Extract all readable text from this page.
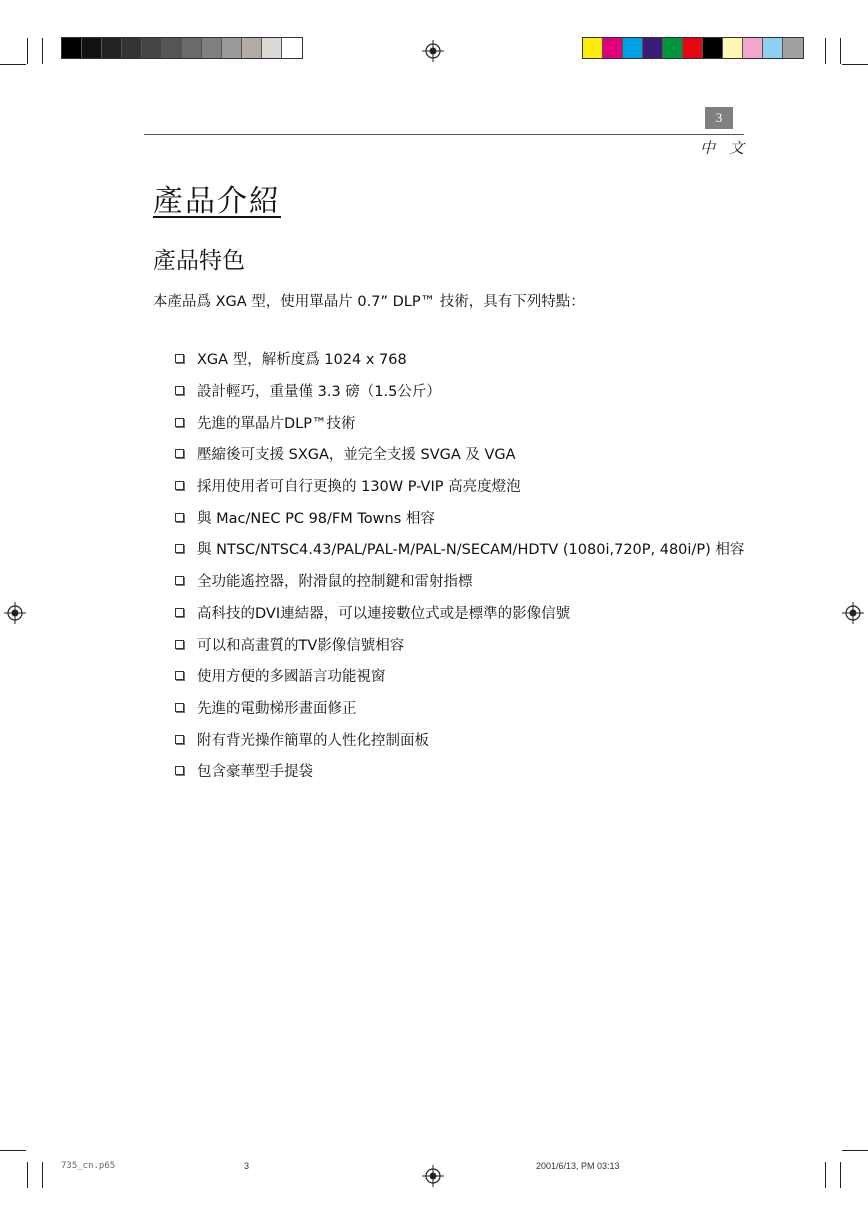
3
中文
產品介紹
產品特色
本產品爲 XGA 型，使用單晶片 0.7” DLP™ 技術，具有下列特點：
XGA 型，解析度爲 1024 x 768
設計輕巧，重量僅 3.3 磅（1.5公斤）
先進的單晶片DLP™技術
壓縮後可支援 SXGA，並完全支援 SVGA 及 VGA
採用使用者可自行更換的 130W P-VIP 高亮度燈泡
與 Mac/NEC PC 98/FM Towns 相容
與 NTSC/NTSC4.43/PAL/PAL-M/PAL-N/SECAM/HDTV (1080i,720P, 480i/P) 相容
全功能遙控器，附滑鼠的控制鍵和雷射指標
高科技的DVI連結器，可以連接數位式或是標準的影像信號
可以和高畫質的TV影像信號相容
使用方便的多國語言功能視窗
先進的電動梯形畫面修正
附有背光操作簡單的人性化控制面板
包含豪華型手提袋
735_cn.p65	3	2001/6/13, PM 03:13
